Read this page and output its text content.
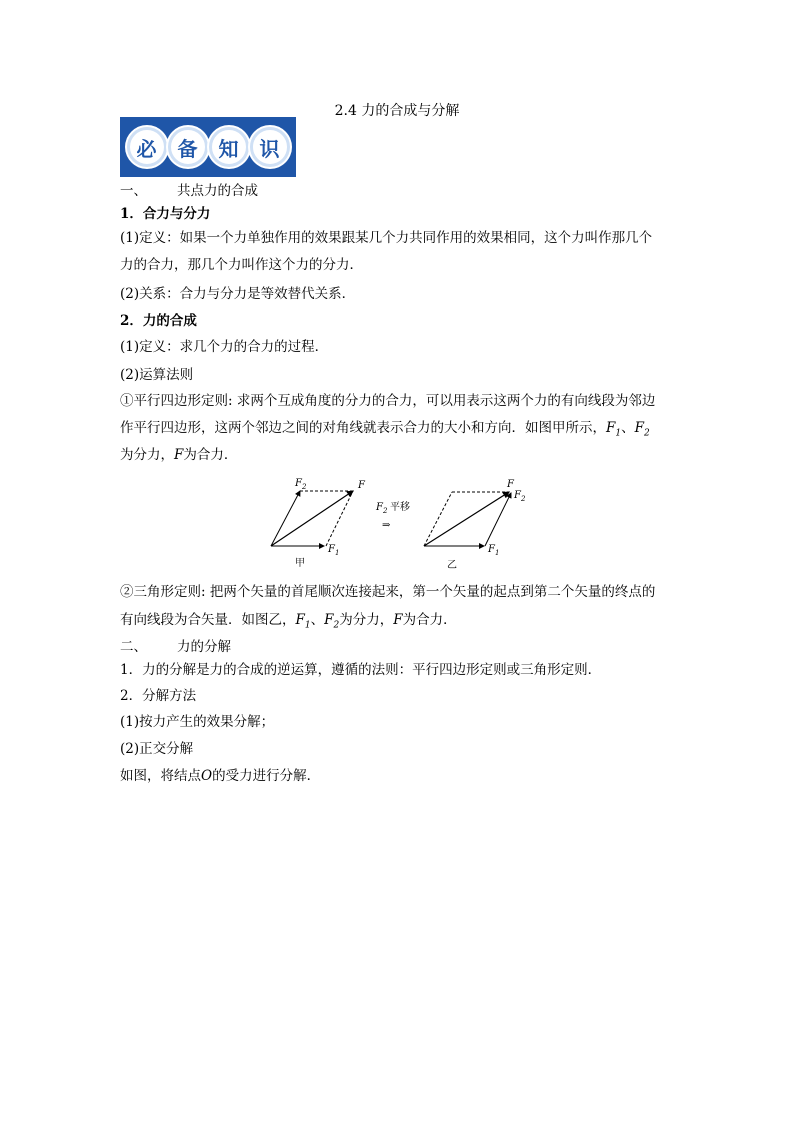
2.4 力的合成与分解
必	备	知	识
一、 共点力的合成
1．合力与分力
(1)定义：如果一个力单独作用的效果跟某几个力共同作用的效果相同，这个力叫作那几个
力的合力，那几个力叫作这个力的分力．
(2)关系：合力与分力是等效替代关系．
2．力的合成
(1)定义：求几个力的合力的过程．
(2)运算法则
①平行四边形定则: 求两个互成角度的分力的合力，可以用表示这两个力的有向线段为邻边
作平行四边形，这两个邻边之间的对角线就表示合力的大小和方向．如图甲所示，$F_1$、$F_2$
为分力，F为合力．
$F_2$	F
$F_1$
甲
$F_2$ 平移
⇒
F
$F_2$
$F_1$
乙
②三角形定则: 把两个矢量的首尾顺次连接起来，第一个矢量的起点到第二个矢量的终点的
有向线段为合矢量．如图乙，$F_1$、$F_2$为分力，F为合力．
二、 力的分解
1．力的分解是力的合成的逆运算，遵循的法则：平行四边形定则或三角形定则．
2．分解方法
(1)按力产生的效果分解；
(2)正交分解
如图，将结点O的受力进行分解．
